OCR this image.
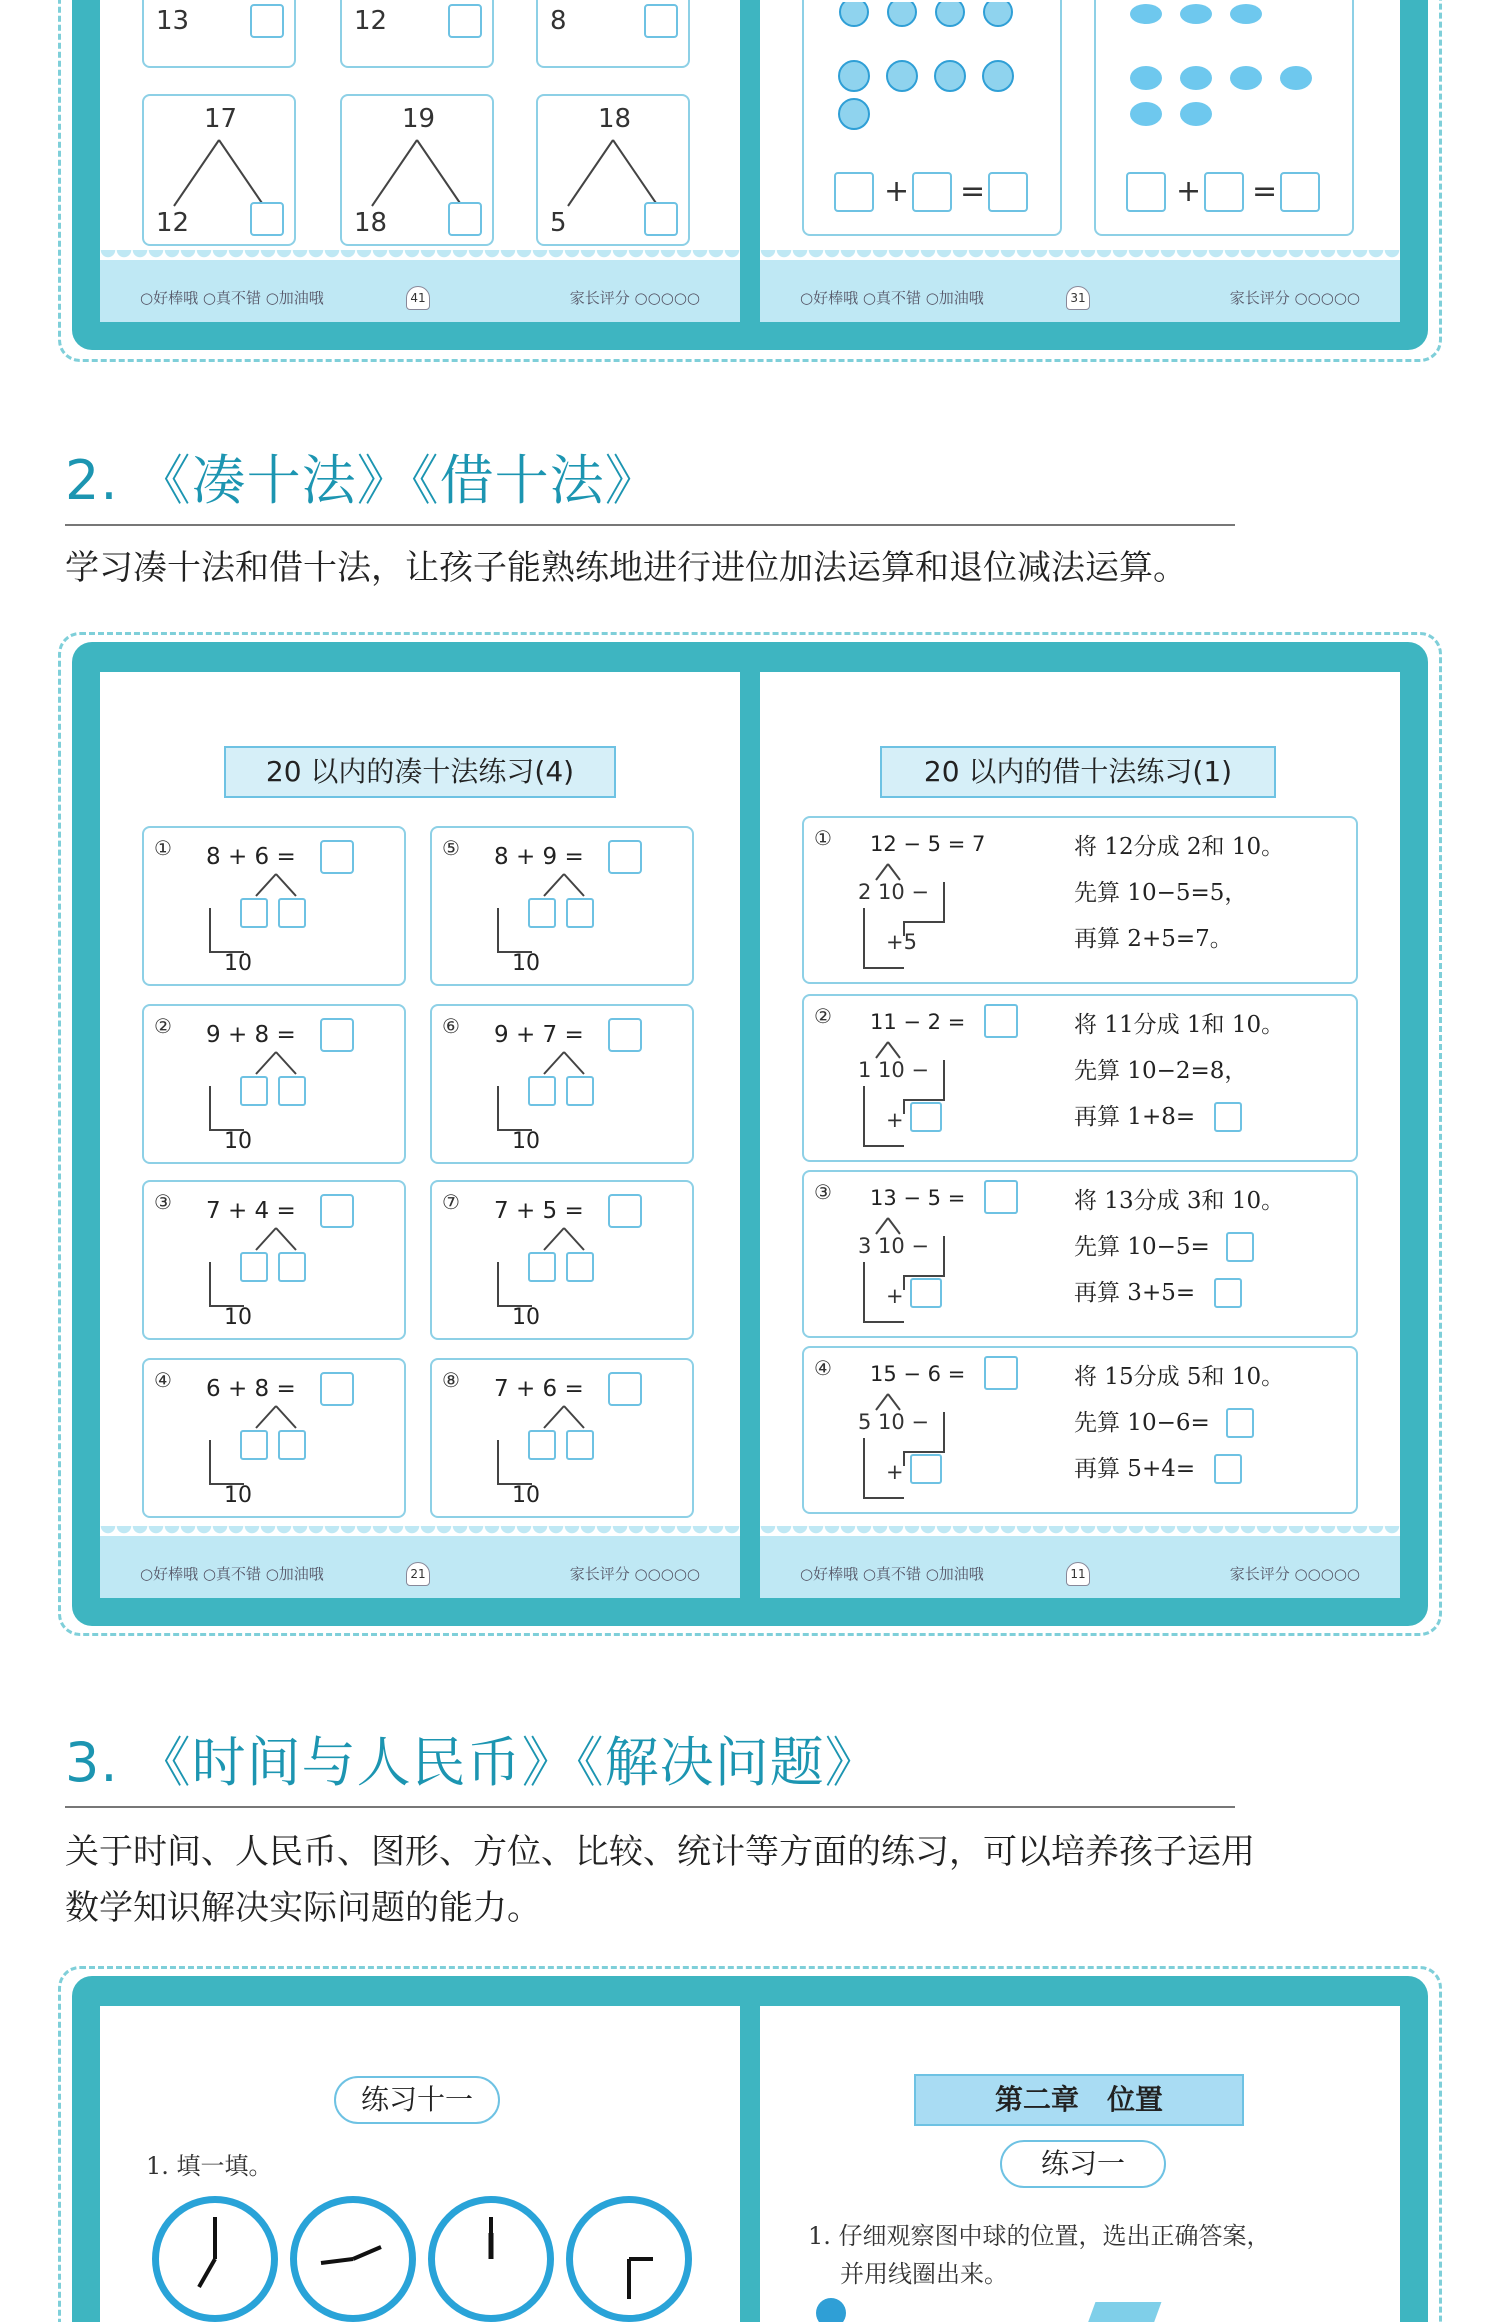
13	12	8
17
12
19
18
18
5
○好棒哦 ○真不错 ○加油哦	41	家长评分 ○○○○○
+ =	+ =
○好棒哦 ○真不错 ○加油哦	31	家长评分 ○○○○○
2. 《凑十法》《借十法》
学习凑十法和借十法，让孩子能熟练地进行进位加法运算和退位减法运算。
20 以内的凑十法练习(4)
① 8 + 6 =
10
⑤ 8 + 9 =
10
② 9 + 8 =
10
⑥ 9 + 7 =
10
③ 7 + 4 =
10
⑦ 7 + 5 =
10
④ 6 + 8 =
10
⑧ 7 + 6 =
10
○好棒哦 ○真不错 ○加油哦	21	家长评分 ○○○○○
20 以内的借十法练习(1)
① 12 − 5 = 7
2 10 −
+5
将 12分成 2和 10。
先算 10−5=5，
再算 2+5=7。
② 11 − 2 =
1 10 −
+
将 11分成 1和 10。
先算 10−2=8，
再算 1+8=
③ 13 − 5 =
3 10 −
+
将 13分成 3和 10。
先算 10−5=
再算 3+5=
④ 15 − 6 =
5 10 −
+
将 15分成 5和 10。
先算 10−6=
再算 5+4=
○好棒哦 ○真不错 ○加油哦	11	家长评分 ○○○○○
3. 《时间与人民币》《解决问题》
关于时间、人民币、图形、方位、比较、统计等方面的练习，可以培养孩子运用
数学知识解决实际问题的能力。
练习十一
1. 填一填。
第二章　位置
练习一
1. 仔细观察图中球的位置，选出正确答案，
并用线圈出来。
